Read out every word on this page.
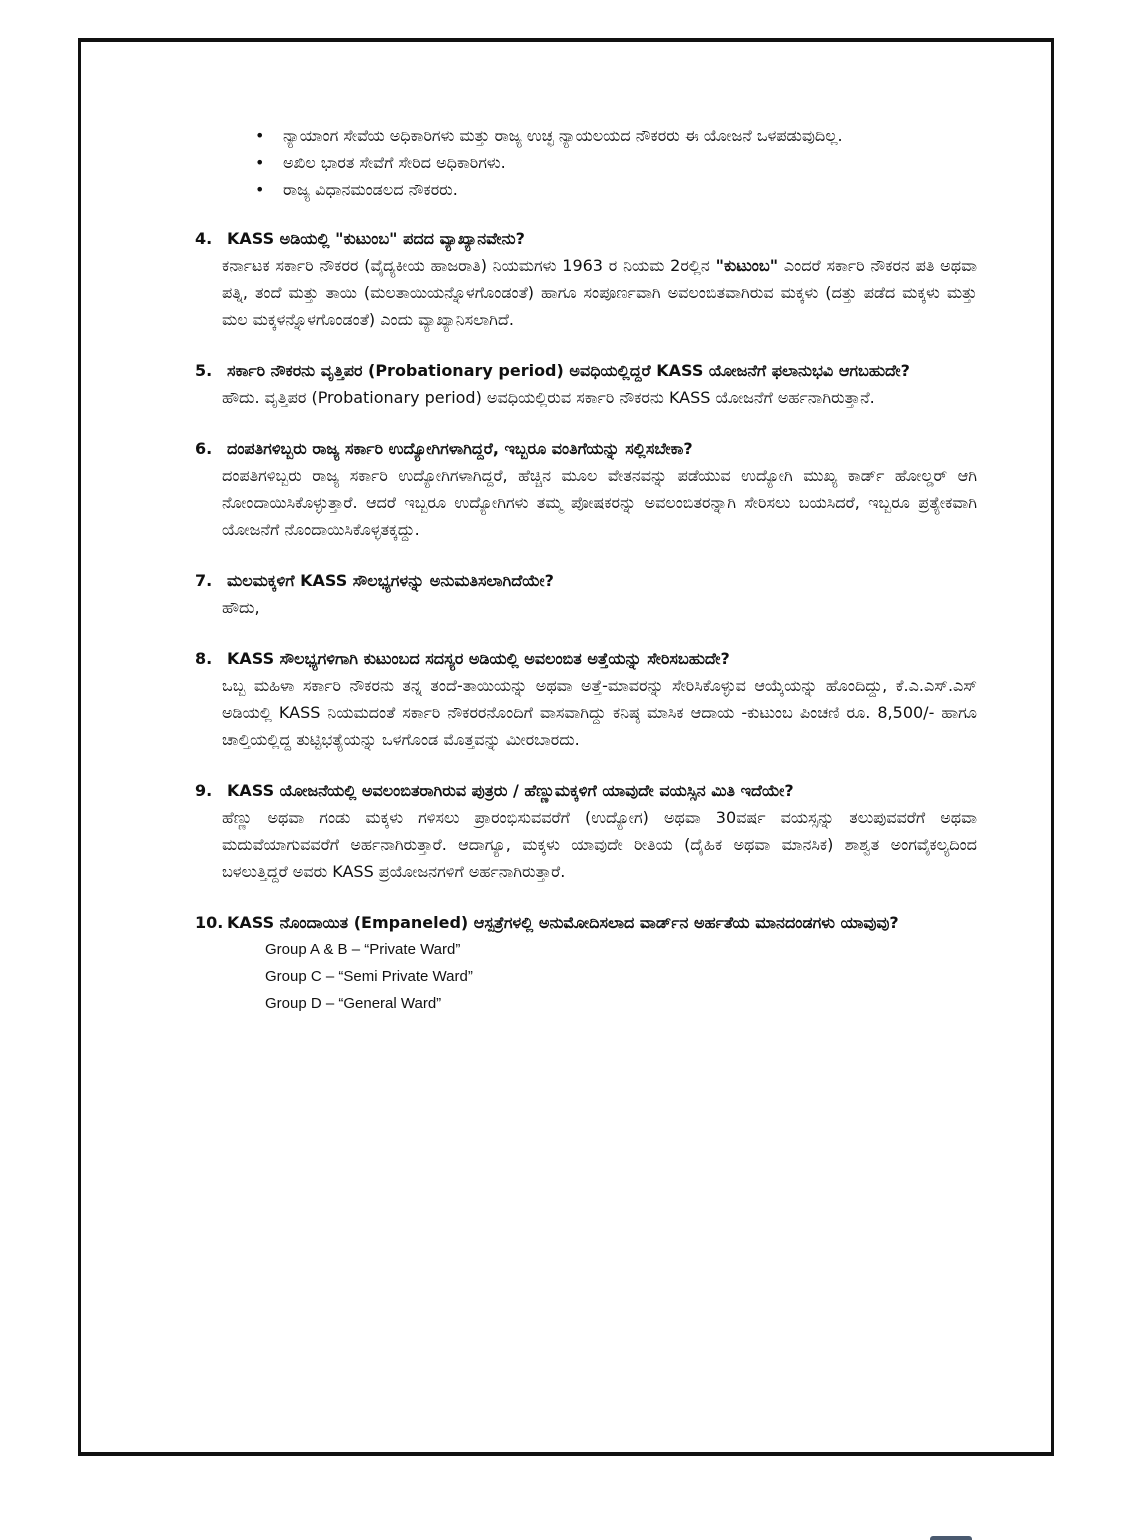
• ನ್ಯಾಯಾಂಗ ಸೇವೆಯ ಅಧಿಕಾರಿಗಳು ಮತ್ತು ರಾಜ್ಯ ಉಚ್ಛ ನ್ಯಾಯಲಯದ ನೌಕರರು ಈ ಯೋಜನೆ ಒಳಪಡುವುದಿಲ್ಲ.
• ಅಖಿಲ ಭಾರತ ಸೇವೆಗೆ ಸೇರಿದ ಅಧಿಕಾರಿಗಳು.
• ರಾಜ್ಯ ವಿಧಾನಮಂಡಲದ ನೌಕರರು.
4. KASS ಅಡಿಯಲ್ಲಿ "ಕುಟುಂಬ" ಪದದ ವ್ಯಾಖ್ಯಾನವೇನು?
ಕರ್ನಾಟಕ ಸರ್ಕಾರಿ ನೌಕರರ (ವೈದ್ಯಕೀಯ ಹಾಜರಾತಿ) ನಿಯಮಗಳು 1963 ರ ನಿಯಮ 2ರಲ್ಲಿನ "ಕುಟುಂಬ" ಎಂದರೆ ಸರ್ಕಾರಿ ನೌಕರನ ಪತಿ ಅಥವಾ ಪತ್ನಿ, ತಂದೆ ಮತ್ತು ತಾಯಿ (ಮಲತಾಯಿಯನ್ನೊಳಗೊಂಡಂತೆ) ಹಾಗೂ ಸಂಪೂರ್ಣವಾಗಿ ಅವಲಂಬಿತವಾಗಿರುವ ಮಕ್ಕಳು (ದತ್ತು ಪಡೆದ ಮಕ್ಕಳು ಮತ್ತು ಮಲ ಮಕ್ಕಳನ್ನೊಳಗೊಂಡಂತೆ) ಎಂದು ವ್ಯಾಖ್ಯಾನಿಸಲಾಗಿದೆ.
5. ಸರ್ಕಾರಿ ನೌಕರನು ವೃತ್ತಿಪರ (Probationary period) ಅವಧಿಯಲ್ಲಿದ್ದರೆ KASS ಯೋಜನೆಗೆ ಫಲಾನುಭವಿ ಆಗಬಹುದೇ?
ಹೌದು. ವೃತ್ತಿಪರ (Probationary period) ಅವಧಿಯಲ್ಲಿರುವ ಸರ್ಕಾರಿ ನೌಕರನು KASS ಯೋಜನೆಗೆ ಅರ್ಹನಾಗಿರುತ್ತಾನೆ.
6. ದಂಪತಿಗಳಿಬ್ಬರು ರಾಜ್ಯ ಸರ್ಕಾರಿ ಉದ್ಯೋಗಿಗಳಾಗಿದ್ದರೆ, ಇಬ್ಬರೂ ವಂತಿಗೆಯನ್ನು ಸಲ್ಲಿಸಬೇಕಾ?
ದಂಪತಿಗಳಿಬ್ಬರು ರಾಜ್ಯ ಸರ್ಕಾರಿ ಉದ್ಯೋಗಿಗಳಾಗಿದ್ದರೆ, ಹೆಚ್ಚಿನ ಮೂಲ ವೇತನವನ್ನು ಪಡೆಯುವ ಉದ್ಯೋಗಿ ಮುಖ್ಯ ಕಾರ್ಡ್ ಹೋಲ್ಡರ್ ಆಗಿ ನೋಂದಾಯಿಸಿಕೊಳ್ಳುತ್ತಾರೆ. ಆದರೆ ಇಬ್ಬರೂ ಉದ್ಯೋಗಿಗಳು ತಮ್ಮ ಪೋಷಕರನ್ನು ಅವಲಂಬಿತರನ್ನಾಗಿ ಸೇರಿಸಲು ಬಯಸಿದರೆ, ಇಬ್ಬರೂ ಪ್ರತ್ಯೇಕವಾಗಿ ಯೋಜನೆಗೆ ನೊಂದಾಯಿಸಿಕೊಳ್ಳತಕ್ಕದ್ದು.
7. ಮಲಮಕ್ಕಳಿಗೆ KASS ಸೌಲಭ್ಯಗಳನ್ನು ಅನುಮತಿಸಲಾಗಿದೆಯೇ?
ಹೌದು,
8. KASS ಸೌಲಭ್ಯಗಳಿಗಾಗಿ ಕುಟುಂಬದ ಸದಸ್ಯರ ಅಡಿಯಲ್ಲಿ ಅವಲಂಬಿತ ಅತ್ತೆಯನ್ನು ಸೇರಿಸಬಹುದೇ?
ಒಬ್ಬ ಮಹಿಳಾ ಸರ್ಕಾರಿ ನೌಕರನು ತನ್ನ ತಂದೆ-ತಾಯಿಯನ್ನು ಅಥವಾ ಅತ್ತೆ-ಮಾವರನ್ನು ಸೇರಿಸಿಕೊಳ್ಳುವ ಆಯ್ಕೆಯನ್ನು ಹೊಂದಿದ್ದು, ಕೆ.ಎ.ಎಸ್.ಎಸ್ ಅಡಿಯಲ್ಲಿ KASS ನಿಯಮದಂತೆ ಸರ್ಕಾರಿ ನೌಕರರನೊಂದಿಗೆ ವಾಸವಾಗಿದ್ದು ಕನಿಷ್ಠ ಮಾಸಿಕ ಆದಾಯ -ಕುಟುಂಬ ಪಿಂಚಣಿ ರೂ. 8,500/- ಹಾಗೂ ಚಾಲ್ತಿಯಲ್ಲಿದ್ದ ತುಟ್ಟಿಭತ್ಯೆಯನ್ನು ಒಳಗೊಂಡ ಮೊತ್ತವನ್ನು ಮೀರಬಾರದು.
9. KASS ಯೋಜನೆಯಲ್ಲಿ ಅವಲಂಬಿತರಾಗಿರುವ ಪುತ್ರರು / ಹೆಣ್ಣುಮಕ್ಕಳಿಗೆ ಯಾವುದೇ ವಯಸ್ಸಿನ ಮಿತಿ ಇದೆಯೇ?
ಹೆಣ್ಣು ಅಥವಾ ಗಂಡು ಮಕ್ಕಳು ಗಳಿಸಲು ಪ್ರಾರಂಭಿಸುವವರೆಗೆ (ಉದ್ಯೋಗ) ಅಥವಾ 30ವರ್ಷ ವಯಸ್ಸನ್ನು ತಲುಪುವವರೆಗೆ ಅಥವಾ ಮದುವೆಯಾಗುವವರೆಗೆ ಅರ್ಹನಾಗಿರುತ್ತಾರೆ. ಆದಾಗ್ಯೂ, ಮಕ್ಕಳು ಯಾವುದೇ ರೀತಿಯ (ದೈಹಿಕ ಅಥವಾ ಮಾನಸಿಕ) ಶಾಶ್ವತ ಅಂಗವೈಕಲ್ಯದಿಂದ ಬಳಲುತ್ತಿದ್ದರೆ ಅವರು KASS ಪ್ರಯೋಜನಗಳಿಗೆ ಅರ್ಹನಾಗಿರುತ್ತಾರೆ.
10. KASS ನೊಂದಾಯಿತ (Empaneled) ಆಸ್ಪತ್ರೆಗಳಲ್ಲಿ ಅನುಮೋದಿಸಲಾದ ವಾರ್ಡ್‌ನ ಅರ್ಹತೆಯ ಮಾನದಂಡಗಳು ಯಾವುವು?
Group A & B – “Private Ward”
Group C – “Semi Private Ward”
Group D – “General Ward”
